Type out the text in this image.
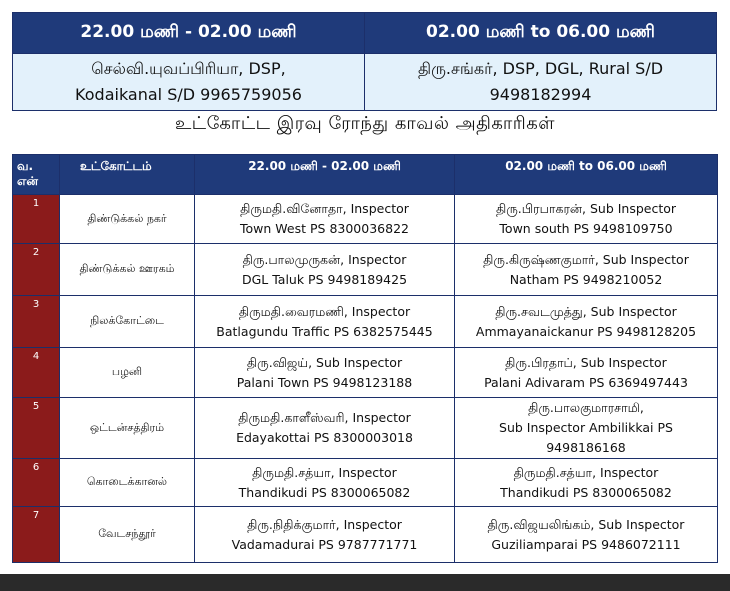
22.00 மணி - 02.00 மணி	02.00 மணி to 06.00 மணி

செல்வி.யுவப்பிரியா, DSP,
Kodaikanal S/D 9965759056	திரு.சங்கர், DSP, DGL, Rural S/D
9498182994
உட்கோட்ட இரவு ரோந்து காவல் அதிகாரிகள்
வ.
என்	உட்கோட்டம்	22.00 மணி - 02.00 மணி	02.00 மணி to 06.00 மணி
1	திண்டுக்கல் நகர்	திருமதி.வினோதா, Inspector
Town West PS 8300036822	திரு.பிரபாகரன், Sub Inspector
Town south PS 9498109750

2	திண்டுக்கல் ஊரகம்	திரு.பாலமுருகன், Inspector
DGL Taluk PS 9498189425	திரு.கிருஷ்ணகுமார், Sub Inspector
Natham PS 9498210052

3	நிலக்கோட்டை	திருமதி.வைரமணி, Inspector
Batlagundu Traffic PS 6382575445	திரு.சவடமுத்து, Sub Inspector
Ammayanaickanur PS 9498128205

4	பழனி	திரு.விஜய், Sub Inspector
Palani Town PS 9498123188	திரு.பிரதாப், Sub Inspector
Palani Adivaram PS 6369497443

5	ஒட்டன்சத்திரம்	திருமதி.காளீஸ்வரி, Inspector
Edayakottai PS 8300003018	திரு.பாலகுமாரசாமி,
Sub Inspector Ambilikkai PS
9498186168

6	கொடைக்கானல்	திருமதி.சத்யா, Inspector
Thandikudi PS 8300065082	திருமதி.சத்யா, Inspector
Thandikudi PS 8300065082

7	வேடசந்தூர்	திரு.நிதிக்குமார், Inspector
Vadamadurai PS 9787771771	திரு.விஜயலிங்கம், Sub Inspector
Guziliamparai PS 9486072111
